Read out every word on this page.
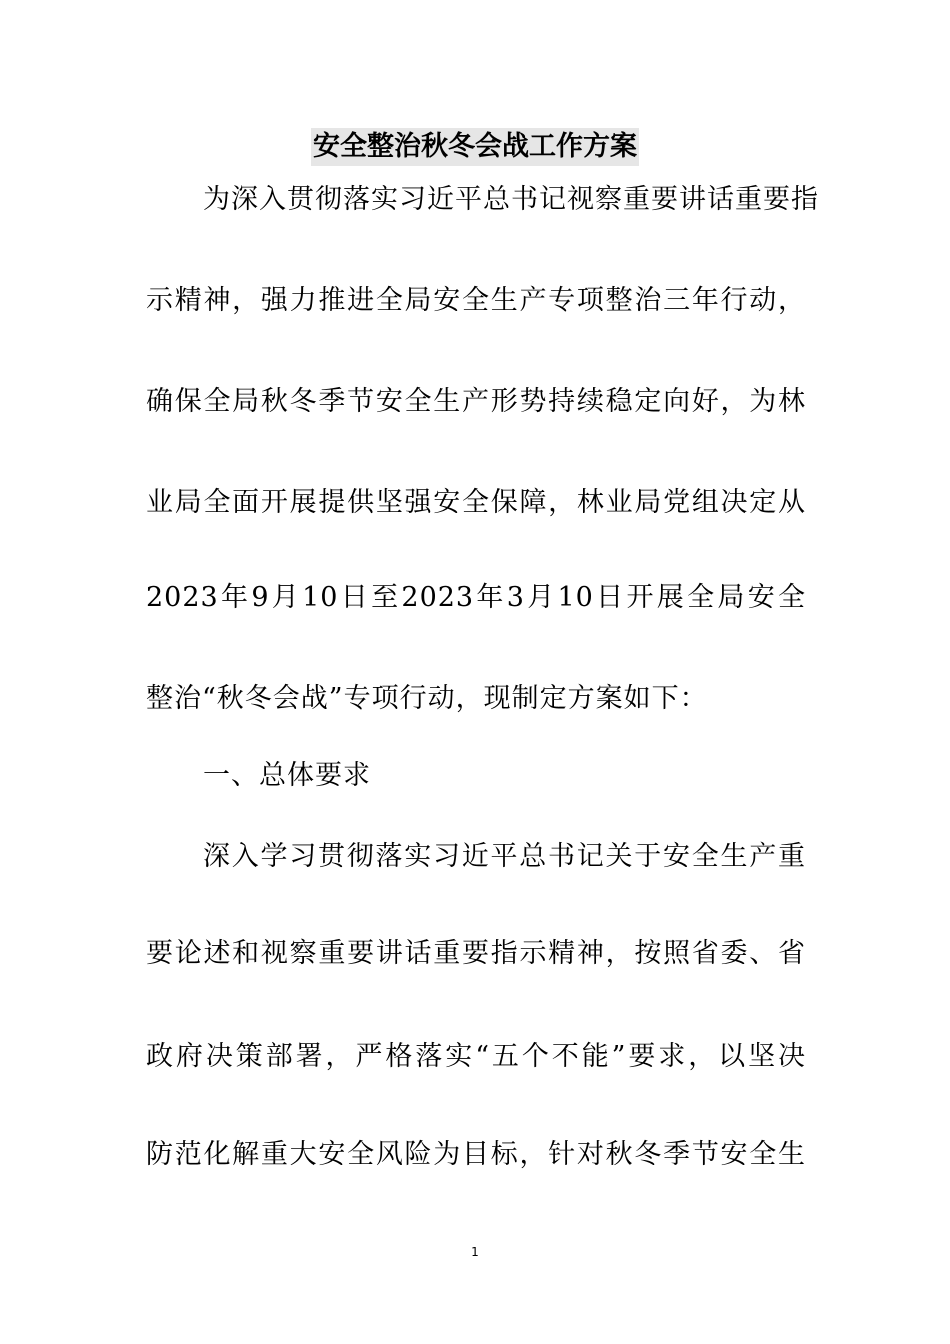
安全整治秋冬会战工作方案
为深入贯彻落实习近平总书记视察重要讲话重要指
示精神，强力推进全局安全生产专项整治三年行动，
确保全局秋冬季节安全生产形势持续稳定向好，为林
业局全面开展提供坚强安全保障，林业局党组决定从
2023年9月10日至2023年3月10日开展全局安全
整治“秋冬会战”专项行动，现制定方案如下：
一、总体要求
深入学习贯彻落实习近平总书记关于安全生产重
要论述和视察重要讲话重要指示精神，按照省委、省
政府决策部署，严格落实“五个不能”要求，以坚决
防范化解重大安全风险为目标，针对秋冬季节安全生
1
